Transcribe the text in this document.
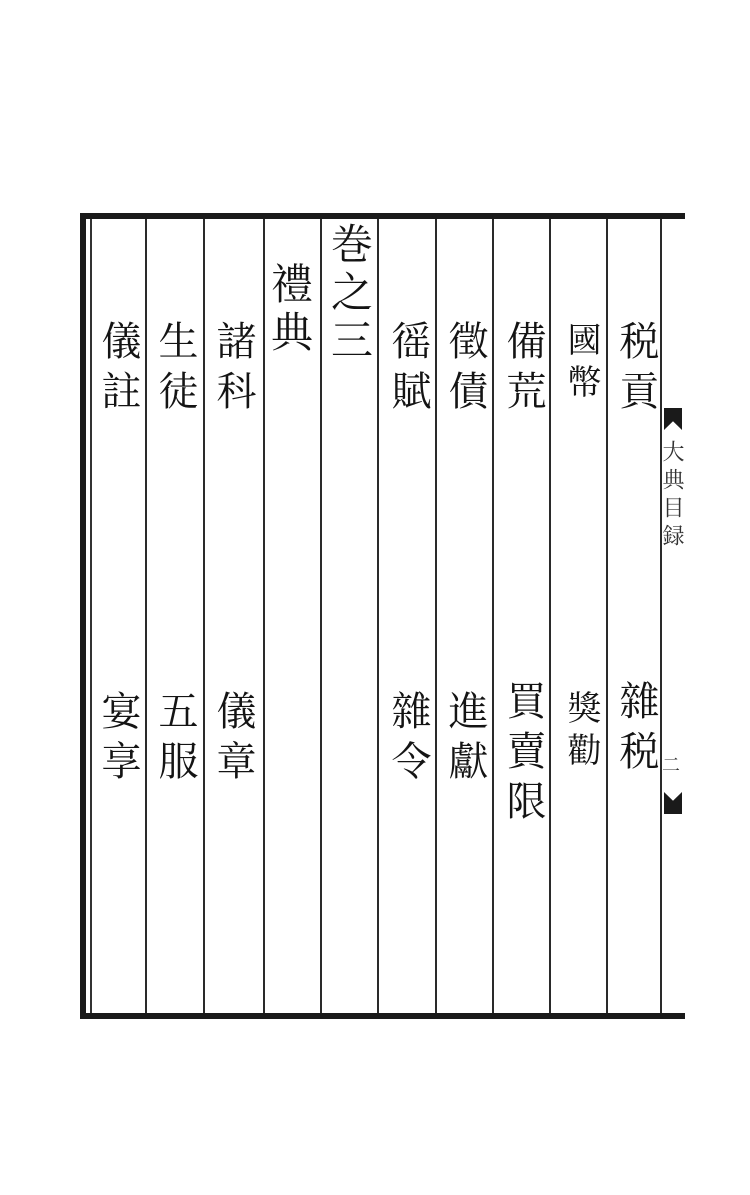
大典目録
二
税貢
雜税
國幣
獎勸
備荒
買賣限
徵債
進獻
徭賦
雜令
巻之三
禮典
諸科
儀章
生徒
五服
儀註
宴享
